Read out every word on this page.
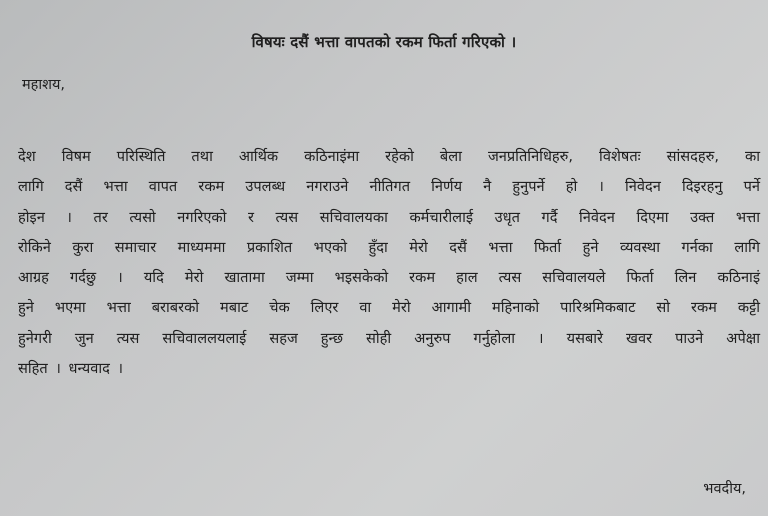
विषयः दसैं भत्ता वापतको रकम फिर्ता गरिएको ।
महाशय,
देश विषम परिस्थिति तथा आर्थिक कठिनाइंमा रहेको बेला जनप्रतिनिधिहरु, विशेषतः सांसदहरु, का
लागि दसैं भत्ता वापत रकम उपलब्ध नगराउने नीतिगत निर्णय नै हुनुपर्ने हो । निवेदन दिइरहनु पर्ने
होइन । तर त्यसो नगरिएको र त्यस सचिवालयका कर्मचारीलाई उधृत गर्दै निवेदन दिएमा उक्त भत्ता
रोकिने कुरा समाचार माध्यममा प्रकाशित भएको हुँदा मेरो दसैं भत्ता फिर्ता हुने व्यवस्था गर्नका लागि
आग्रह गर्दछु । यदि मेरो खातामा जम्मा भइसकेको रकम हाल त्यस सचिवालयले फिर्ता लिन कठिनाइं
हुने भएमा भत्ता बराबरको मबाट चेक लिएर वा मेरो आगामी महिनाको पारिश्रमिकबाट सो रकम कट्टी
हुनेगरी जुन त्यस सचिवाललयलाई सहज हुन्छ सोही अनुरुप गर्नुहोला । यसबारे खवर पाउने अपेक्षा
सहित । धन्यवाद ।
भवदीय,
